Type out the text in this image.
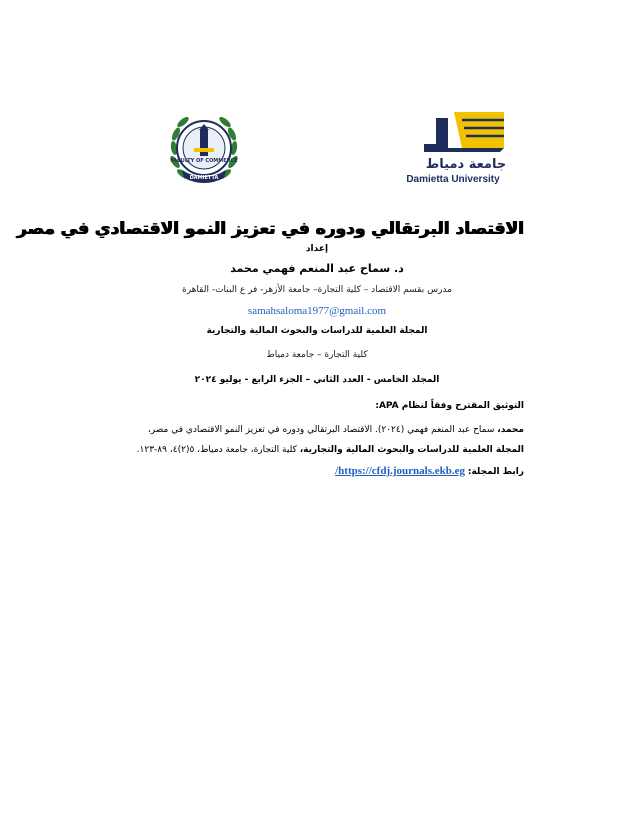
FACULTY OF COMMERCE
DAMIETTA
جامعة دمياط
Damietta University
الاقتصاد البرتقالي ودوره في تعزيز النمو الاقتصادي في مصر
إعداد
د. سماح عبد المنعم فهمي محمد
مدرس بقسم الاقتصاد – كلية التجارة– جامعة الأزهر- فر ع البنات- القاهرة
samahsaloma1977@gmail.com
المجلة العلمية للدراسات والبحوث المالية والتجارية
كلية التجارة – جامعة دمياط
المجلد الخامس - العدد الثاني – الجزء الرابع - يوليو ٢٠٢٤
التوثيق المقترح وفقاً لنظام APA:
محمد، سماح عبد المنعم فهمي (٢٠٢٤). الاقتصاد البرتقالي ودوره في تعزيز النمو الاقتصادي في مصر،
المجلة العلمية للدراسات والبحوث المالية والتجارية، كلية التجارة، جامعة دمياط، ٥(٢)٤، ٨٩-١٢٣.
رابط المجلة: https://cfdj.journals.ekb.eg/
